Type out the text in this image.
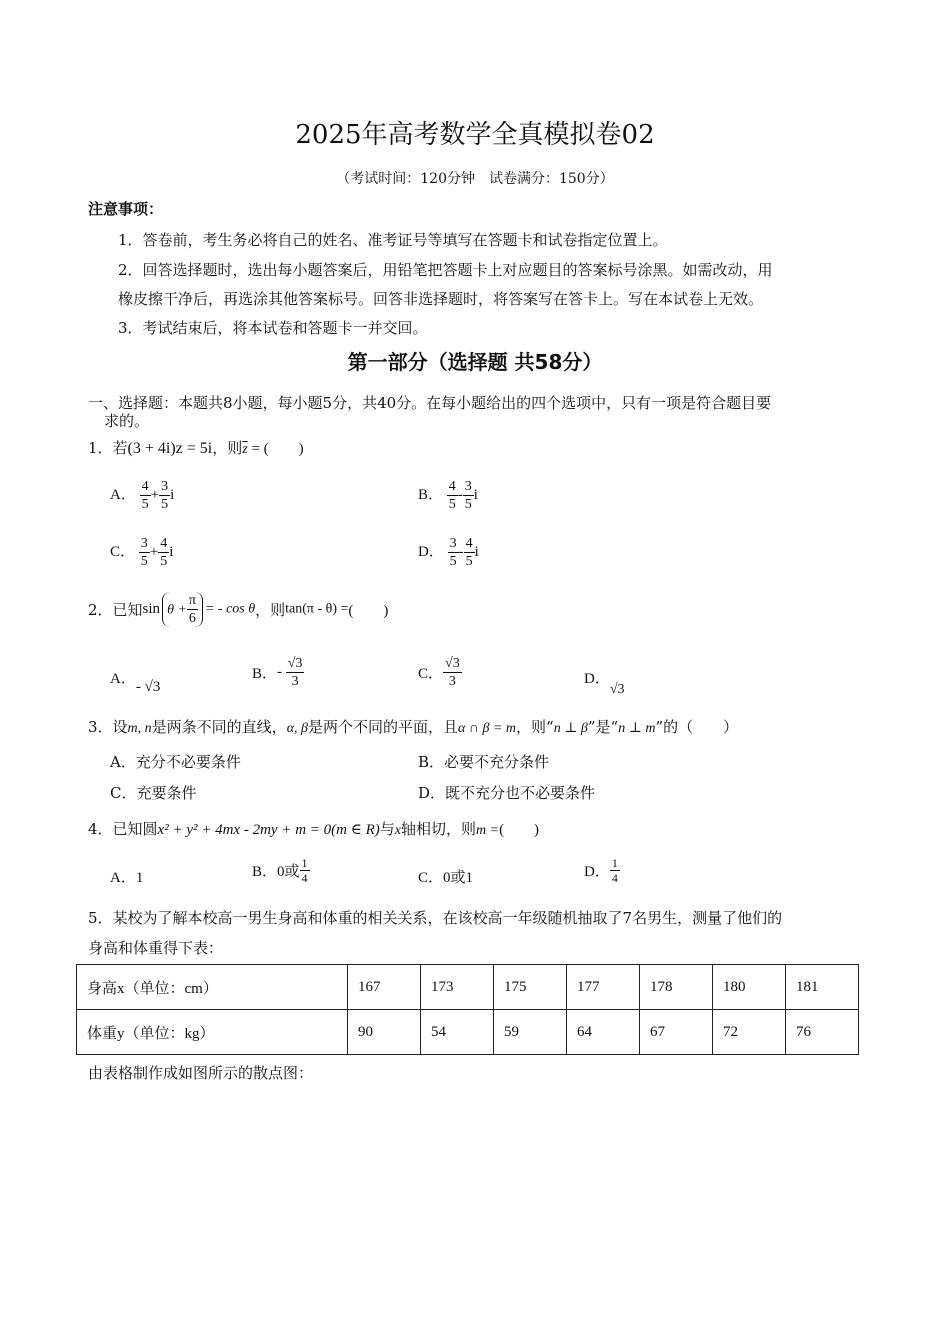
2025年高考数学全真模拟卷02
（考试时间：120分钟　试卷满分：150分）
注意事项：
1．答卷前，考生务必将自己的姓名、准考证号等填写在答题卡和试卷指定位置上。
2．回答选择题时，选出每小题答案后，用铅笔把答题卡上对应题目的答案标号涂黑。如需改动，用
橡皮擦干净后，再选涂其他答案标号。回答非选择题时，将答案写在答卡上。写在本试卷上无效。
3．考试结束后，将本试卷和答题卡一并交回。
第一部分（选择题 共58分）
一、选择题：本题共8小题，每小题5分，共40分。在每小题给出的四个选项中，只有一项是符合题目要
求的。
1．若(3 + 4i)z = 5i，则$\overline{z}$ = (　　)
A． $\frac{4}{5} + \frac{3}{5}$ i	B． $\frac{4}{5} - \frac{3}{5}$ i
C． $\frac{3}{5} + \frac{4}{5}$ i	D． $\frac{3}{5} - \frac{4}{5}$ i
2．已知$\sin \theta + \frac{\pi}{6}$ = - cos θ，则tan(π - θ) =(　　)
A．- √3
B．- $\frac{√3}{3}$	C． $\frac{√3}{3}$	D．√3
3．设m, n是两条不同的直线，α, β是两个不同的平面，且α ∩ β = m，则“n ⊥ β”是“n ⊥ m”的（　　）
A．充分不必要条件	B．必要不充分条件
C．充要条件	D．既不充分也不必要条件
4．已知圆x² + y² + 4mx - 2my + m = 0(m ∈ R)与x轴相切，则m =(　　)
A．1	B．0或 $\frac{1}{4}$	C．0或1	D． $\frac{1}{4}$
5．某校为了解本校高一男生身高和体重的相关关系，在该校高一年级随机抽取了7名男生，测量了他们的
身高和体重得下表：
身高x（单位：cm）	167	173	175	177	178	180	181
体重y（单位：kg）	90	54	59	64	67	72	76
由表格制作成如图所示的散点图：
